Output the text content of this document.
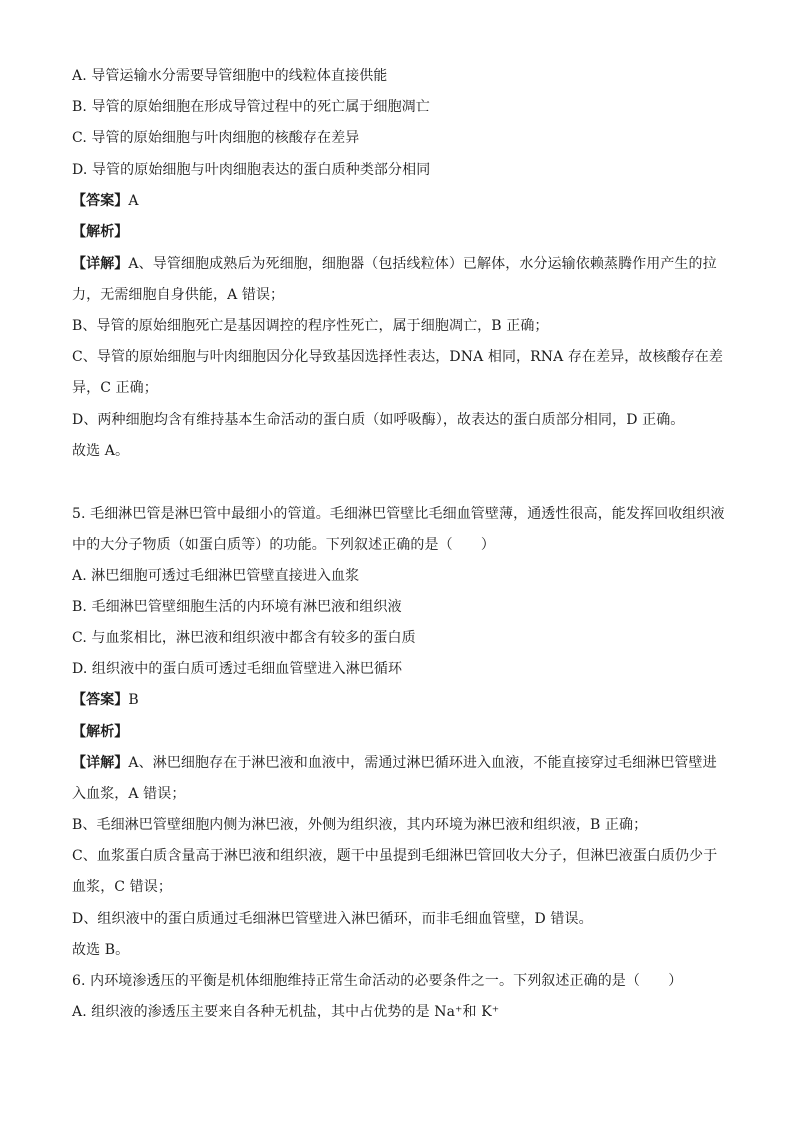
A. 导管运输水分需要导管细胞中的线粒体直接供能
B. 导管的原始细胞在形成导管过程中的死亡属于细胞凋亡
C. 导管的原始细胞与叶肉细胞的核酸存在差异
D. 导管的原始细胞与叶肉细胞表达的蛋白质种类部分相同
【答案】A
【解析】
【详解】A、导管细胞成熟后为死细胞，细胞器（包括线粒体）已解体，水分运输依赖蒸腾作用产生的拉
力，无需细胞自身供能，A 错误；
B、导管的原始细胞死亡是基因调控的程序性死亡，属于细胞凋亡，B 正确；
C、导管的原始细胞与叶肉细胞因分化导致基因选择性表达，DNA 相同，RNA 存在差异，故核酸存在差
异，C 正确；
D、两种细胞均含有维持基本生命活动的蛋白质（如呼吸酶），故表达的蛋白质部分相同，D 正确。
故选 A。
5. 毛细淋巴管是淋巴管中最细小的管道。毛细淋巴管壁比毛细血管壁薄，通透性很高，能发挥回收组织液
中的大分子物质（如蛋白质等）的功能。下列叙述正确的是（　　）
A. 淋巴细胞可透过毛细淋巴管壁直接进入血浆
B. 毛细淋巴管壁细胞生活的内环境有淋巴液和组织液
C. 与血浆相比，淋巴液和组织液中都含有较多的蛋白质
D. 组织液中的蛋白质可透过毛细血管壁进入淋巴循环
【答案】B
【解析】
【详解】A、淋巴细胞存在于淋巴液和血液中，需通过淋巴循环进入血液，不能直接穿过毛细淋巴管壁进
入血浆，A 错误；
B、毛细淋巴管壁细胞内侧为淋巴液，外侧为组织液，其内环境为淋巴液和组织液，B 正确；
C、血浆蛋白质含量高于淋巴液和组织液，题干中虽提到毛细淋巴管回收大分子，但淋巴液蛋白质仍少于
血浆，C 错误；
D、组织液中的蛋白质通过毛细淋巴管壁进入淋巴循环，而非毛细血管壁，D 错误。
故选 B。
6. 内环境渗透压的平衡是机体细胞维持正常生命活动的必要条件之一。下列叙述正确的是（　　）
A. 组织液的渗透压主要来自各种无机盐，其中占优势的是 Na⁺和 K⁺
